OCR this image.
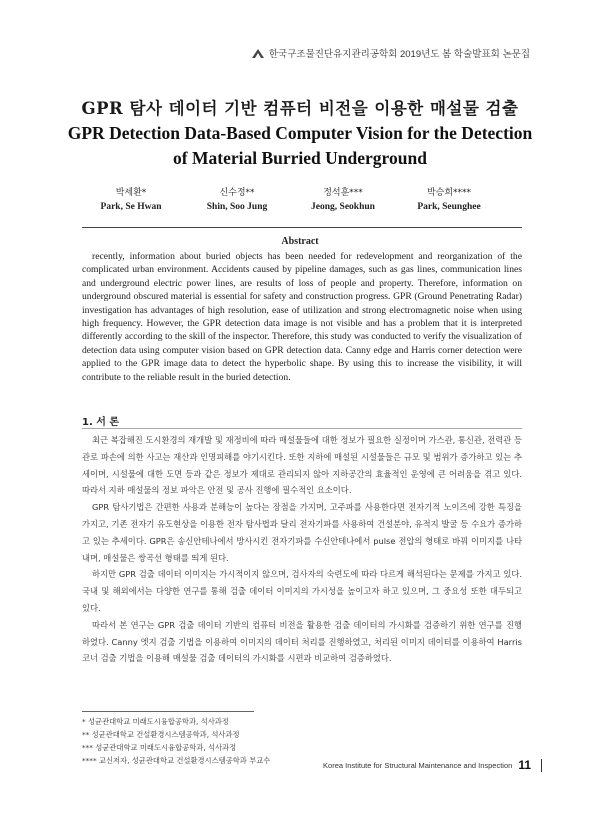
한국구조물진단유지관리공학회 2019년도 봄 학술발표회 논문집
GPR 탐사 데이터 기반 컴퓨터 비전을 이용한 매설물 검출
GPR Detection Data-Based Computer Vision for the Detection of Material Burried Underground
박세환*
Park, Se Hwan
신수정**
Shin, Soo Jung
정석훈***
Jeong, Seokhun
박승희****
Park, Seunghee
Abstract
recently, information about buried objects has been needed for redevelopment and reorganization of the complicated urban environment. Accidents caused by pipeline damages, such as gas lines, communication lines and underground electric power lines, are results of loss of people and property. Therefore, information on underground obscured material is essential for safety and construction progress. GPR (Ground Penetrating Radar) investigation has advantages of high resolution, ease of utilization and strong electromagnetic noise when using high frequency. However, the GPR detection data image is not visible and has a problem that it is interpreted differently according to the skill of the inspector. Therefore, this study was conducted to verify the visualization of detection data using computer vision based on GPR detection data. Canny edge and Harris corner detection were applied to the GPR image data to detect the hyperbolic shape. By using this to increase the visibility, it will contribute to the reliable result in the buried detection.
1. 서 론

최근 복잡해진 도시환경의 재개발 및 재정비에 따라 매설물들에 대한 정보가 필요한 실정이며 가스관, 통신관, 전력관 등 관로 파손에 의한 사고는 재산과 인명피해를 야기시킨다. 또한 지하에 매설된 시설물들은 규모 및 범위가 증가하고 있는 추세이며, 시설물에 대한 도면 등과 같은 정보가 제대로 관리되지 않아 지하공간의 효율적인 운영에 큰 어려움을 겪고 있다. 따라서 지하 매설물의 정보 파악은 안전 및 공사 진행에 필수적인 요소이다.

GPR 탐사기법은 간편한 사용과 분해능이 높다는 장점을 가지며, 고주파를 사용한다면 전자기적 노이즈에 강한 특징을 가지고, 기존 전자기 유도현상을 이용한 전자 탐사법과 달리 전자기파를 사용하여 건설분야, 유적지 발굴 등 수요가 증가하고 있는 추세이다. GPR은 송신안테나에서 방사시킨 전자기파를 수신안테나에서 pulse 전압의 형태로 바꿔 이미지를 나타내며, 매설물은 쌍곡선 형태를 띄게 된다.

하지만 GPR 검출 데이터 이미지는 가시적이지 않으며, 검사자의 숙련도에 따라 다르게 해석된다는 문제를 가지고 있다. 국내 및 해외에서는 다양한 연구를 통해 검출 데이터 이미지의 가시성을 높이고자 하고 있으며, 그 중요성 또한 대두되고 있다.

따라서 본 연구는 GPR 검출 데이터 기반의 컴퓨터 비전을 활용한 검출 데이터의 가시화를 검증하기 위한 연구를 진행 하였다. Canny 엣지 검출 기법을 이용하여 이미지의 데이터 처리를 진행하였고, 처리된 이미지 데이터를 이용하여 Harris 코너 검출 기법을 이용해 매설물 검출 데이터의 가시화를 시편과 비교하여 검증하였다.

* 성균관대학교 미래도시융합공학과, 석사과정
** 성균관대학교 건설환경시스템공학과, 석사과정
*** 성균관대학교 미래도시융합공학과, 석사과정
**** 교신저자, 성균관대학교 건설환경시스템공학과 부교수	Korea Institute for Structural Maintenance and Inspection 11
